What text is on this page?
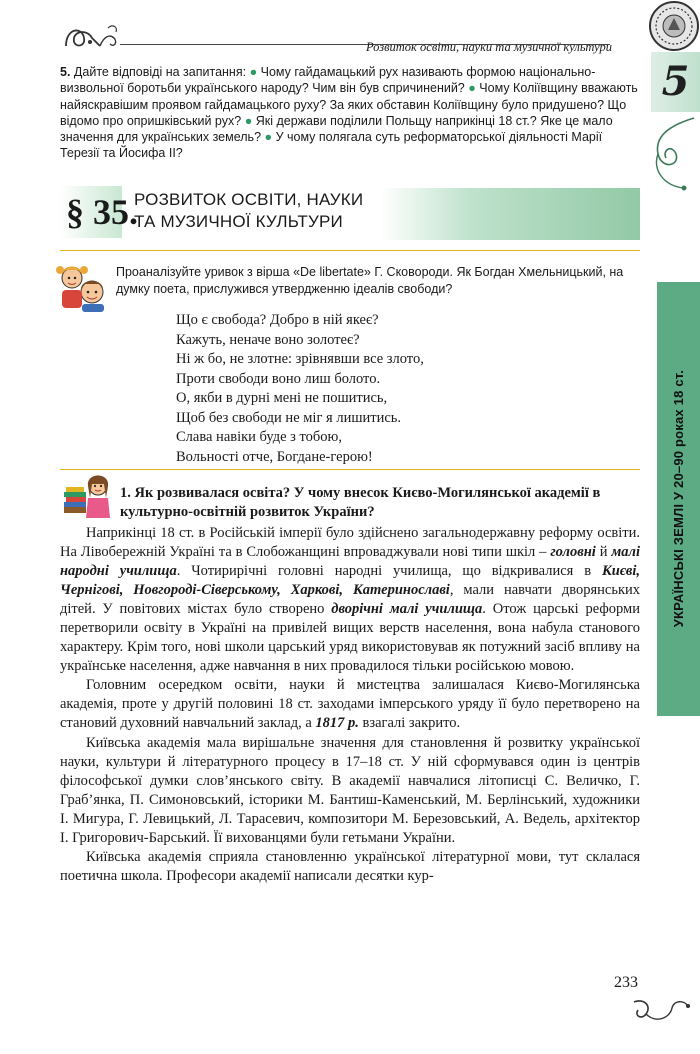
Розвиток освіти, науки та музичної культури
5
УКРАЇНСЬКІ ЗЕМЛІ У 20–90 роках 18 ст.
5. Дайте відповіді на запитання: ● Чому гайдамацький рух називають формою національно-визвольної боротьби українського народу? Чим він був спричинений? ● Чому Коліївщину вважають найяскравішим проявом гайдамацького руху? За яких обставин Коліївщину було придушено? Що відомо про опришківський рух? ● Які держави поділили Польщу наприкінці 18 ст.? Яке це мало значення для українських земель? ● У чому полягала суть реформаторської діяльності Марії Терезії та Йосифа II?
§ 35.
РОЗВИТОК ОСВІТИ, НАУКИ
ТА МУЗИЧНОЇ КУЛЬТУРИ
Проаналізуйте уривок з вірша «De libertate» Г. Сковороди. Як Богдан Хмельницький, на думку поета, прислужився утвердженню ідеалів свободи?
Що є свобода? Добро в ній якеє?
Кажуть, неначе воно золотеє?
Ні ж бо, не злотне: зрівнявши все злото,
Проти свободи воно лиш болото.
О, якби в дурні мені не пошитись,
Щоб без свободи не міг я лишитись.
Слава навіки буде з тобою,
Вольності отче, Богдане-герою!
1. Як розвивалася освіта? У чому внесок Києво-Могилянської академії в культурно-освітній розвиток України?

Наприкінці 18 ст. в Російській імперії було здійснено загальнодержавну реформу освіти. На Лівобережній Україні та в Слобожанщині впроваджували нові типи шкіл – головні й малі народні училища. Чотирирічні головні народні училища, що відкривалися в Києві, Чернігові, Новгороді-Сіверському, Харкові, Катеринославі, мали навчати дворянських дітей. У повітових містах було створено дворічні малі училища. Отож царські реформи перетворили освіту в Україні на привілей вищих верств населення, вона набула станового характеру. Крім того, нові школи царський уряд використовував як потужний засіб впливу на українське населення, адже навчання в них провадилося тільки російською мовою.

Головним осередком освіти, науки й мистецтва залишалася Києво-Могилянська академія, проте у другій половині 18 ст. заходами імперського уряду її було перетворено на становий духовний навчальний заклад, а 1817 р. взагалі закрито.

Київська академія мала вирішальне значення для становлення й розвитку української науки, культури й літературного процесу в 17–18 ст. У ній сформувався один із центрів філософської думки слов’янського світу. В академії навчалися літописці С. Величко, Г. Граб’янка, П. Симоновський, історики М. Бантиш-Каменський, М. Берлінський, художники І. Мигура, Г. Левицький, Л. Тарасевич, композитори М. Березовський, А. Ведель, архітектор І. Григорович-Барський. Її вихованцями були гетьмани України.

Київська академія сприяла становленню української літературної мови, тут склалася поетична школа. Професори академії написали десятки кур-

233
